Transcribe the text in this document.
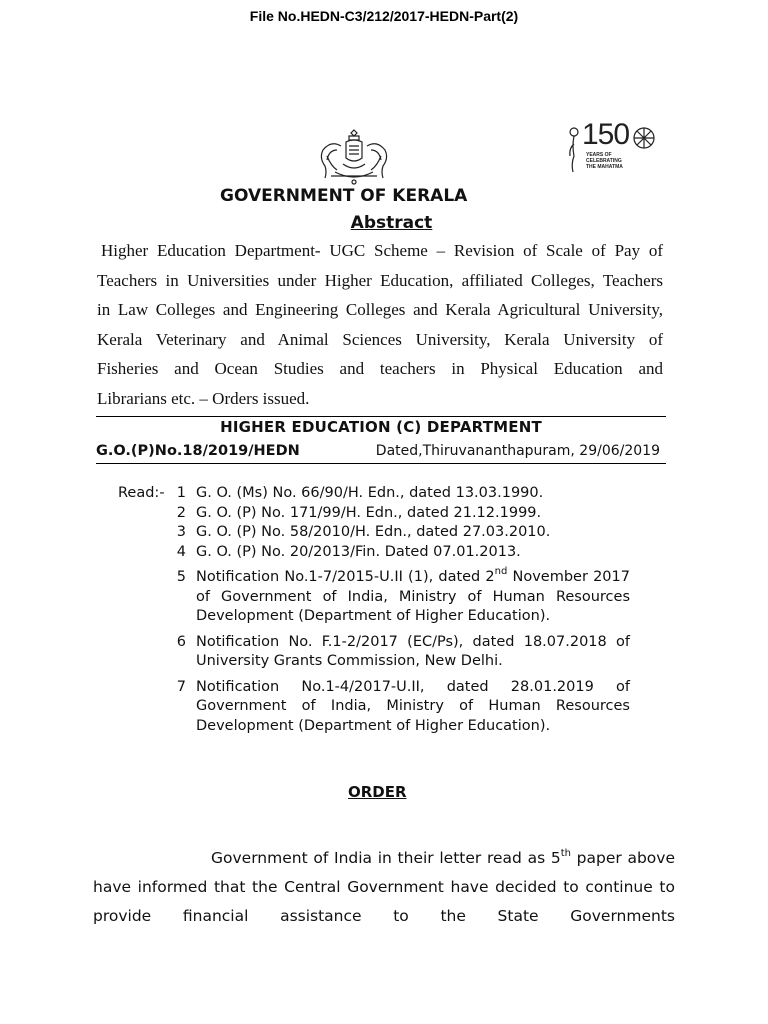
File No.HEDN-C3/212/2017-HEDN-Part(2)
150
YEARS OF
CELEBRATING
THE MAHATMA
GOVERNMENT OF KERALA
Abstract
Higher Education Department- UGC Scheme – Revision of Scale of Pay of
Teachers in Universities under Higher Education, affiliated Colleges, Teachers
in Law Colleges and Engineering Colleges and Kerala Agricultural University,
Kerala Veterinary and Animal Sciences University, Kerala University of
Fisheries and Ocean Studies and teachers in Physical Education and
Librarians etc. – Orders issued.
HIGHER EDUCATION (C) DEPARTMENT
G.O.(P)No.18/2019/HEDN	Dated,Thiruvananthapuram, 29/06/2019
Read:- 1 G. O. (Ms) No. 66/90/H. Edn., dated 13.03.1990.
2 G. O. (P) No. 171/99/H. Edn., dated 21.12.1999.
3 G. O. (P) No. 58/2010/H. Edn., dated 27.03.2010.
4 G. O. (P) No. 20/2013/Fin. Dated 07.01.2013.
5 Notification No.1-7/2015-U.II (1), dated 2nd November 2017 of Government of India, Ministry of Human Resources Development (Department of Higher Education).
6 Notification No. F.1-2/2017 (EC/Ps), dated 18.07.2018 of University Grants Commission, New Delhi.
7 Notification No.1-4/2017-U.II, dated 28.01.2019 of Government of India, Ministry of Human Resources Development (Department of Higher Education).
ORDER
Government of India in their letter read as 5th paper above have informed that the Central Government have decided to continue to provide financial assistance to the State Governments
